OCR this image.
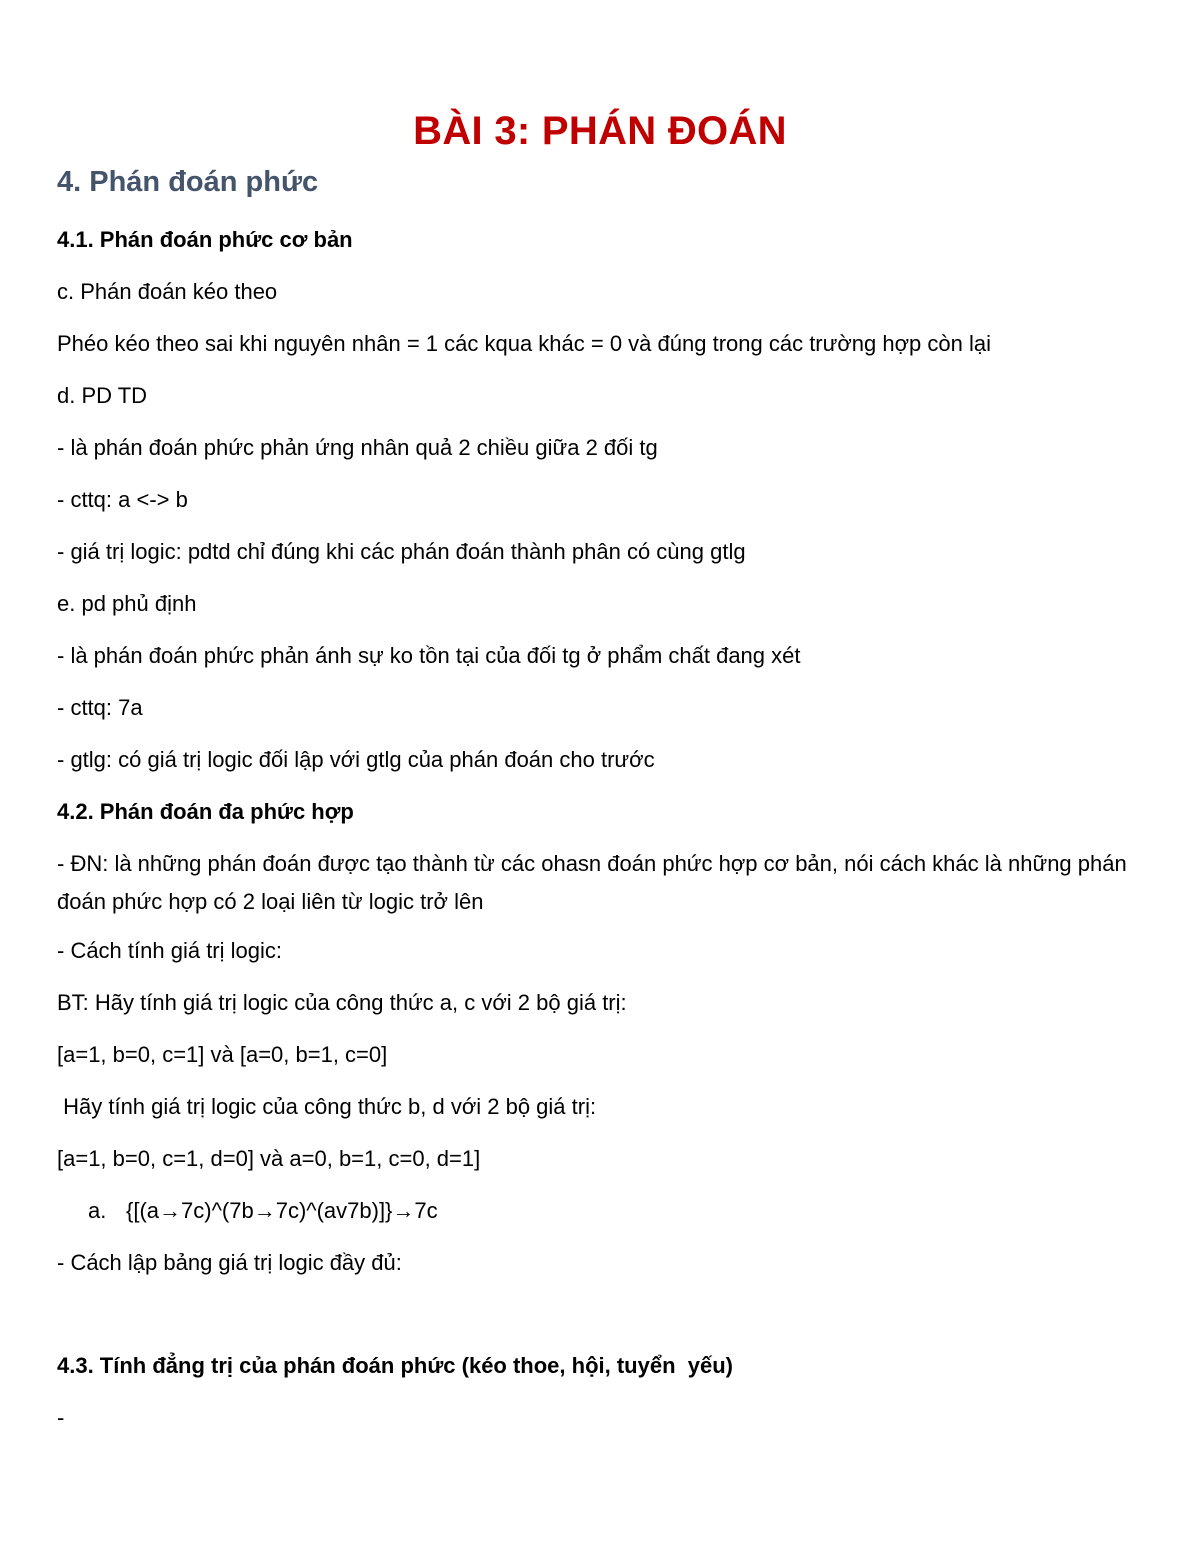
BÀI 3: PHÁN ĐOÁN
4. Phán đoán phức
4.1. Phán đoán phức cơ bản
c. Phán đoán kéo theo
Phéo kéo theo sai khi nguyên nhân = 1 các kqua khác = 0 và đúng trong các trường hợp còn lại
d. PD TD
- là phán đoán phức phản ứng nhân quả 2 chiều giữa 2 đối tg
- cttq: a <-> b
- giá trị logic: pdtd chỉ đúng khi các phán đoán thành phân có cùng gtlg
e. pd phủ định
- là phán đoán phức phản ánh sự ko tồn tại của đối tg ở phẩm chất đang xét
- cttq: 7a
- gtlg: có giá trị logic đối lập với gtlg của phán đoán cho trước
4.2. Phán đoán đa phức hợp
- ĐN: là những phán đoán được tạo thành từ các ohasn đoán phức hợp cơ bản, nói cách khác là những phán đoán phức hợp có 2 loại liên từ logic trở lên
- Cách tính giá trị logic:
BT: Hãy tính giá trị logic của công thức a, c với 2 bộ giá trị:
[a=1, b=0, c=1] và [a=0, b=1, c=0]
Hãy tính giá trị logic của công thức b, d với 2 bộ giá trị:
[a=1, b=0, c=1, d=0] và a=0, b=1, c=0, d=1]
a. {[(a→7c)^(7b→7c)^(av7b)]}→7c
- Cách lập bảng giá trị logic đầy đủ:
4.3. Tính đẳng trị của phán đoán phức (kéo thoe, hội, tuyển  yếu)
-
